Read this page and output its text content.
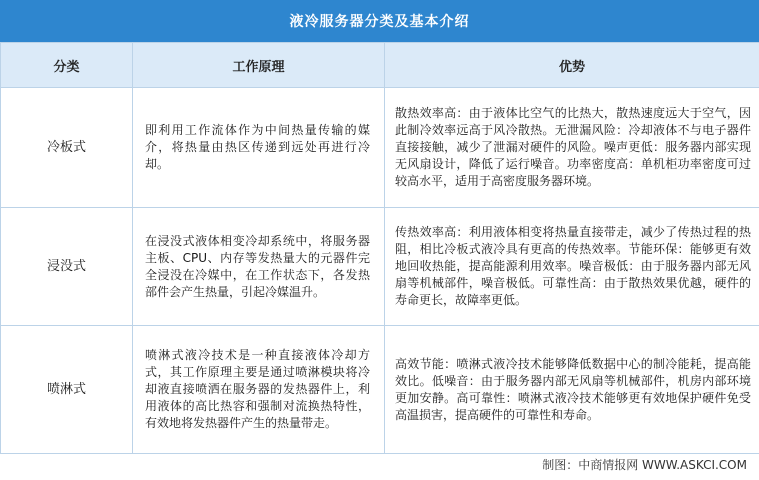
液冷服务器分类及基本介绍
分类	工作原理	优势
冷板式	即利用工作流体作为中间热量传输的媒介，将热量由热区传递到远处再进行冷却。	散热效率高：由于液体比空气的比热大，散热速度远大于空气，因此制冷效率远高于风冷散热。无泄漏风险：冷却液体不与电子器件直接接触，减少了泄漏对硬件的风险。噪声更低：服务器内部实现无风扇设计，降低了运行噪音。功率密度高：单机柜功率密度可过较高水平，适用于高密度服务器环境。
浸没式	在浸没式液体相变冷却系统中，将服务器主板、CPU、内存等发热量大的元器件完全浸没在冷媒中，在工作状态下，各发热部件会产生热量，引起冷媒温升。	传热效率高：利用液体相变将热量直接带走，减少了传热过程的热阻，相比冷板式液冷具有更高的传热效率。节能环保：能够更有效地回收热能，提高能源利用效率。噪音极低：由于服务器内部无风扇等机械部件，噪音极低。可靠性高：由于散热效果优越，硬件的寿命更长，故障率更低。
喷淋式	喷淋式液冷技术是一种直接液体冷却方式，其工作原理主要是通过喷淋模块将冷却液直接喷洒在服务器的发热器件上，利用液体的高比热容和强制对流换热特性，有效地将发热器件产生的热量带走。	高效节能：喷淋式液冷技术能够降低数据中心的制冷能耗，提高能效比。低噪音：由于服务器内部无风扇等机械部件，机房内部环境更加安静。高可靠性：喷淋式液冷技术能够更有效地保护硬件免受高温损害，提高硬件的可靠性和寿命。
制图：中商情报网 WWW.ASKCI.COM
